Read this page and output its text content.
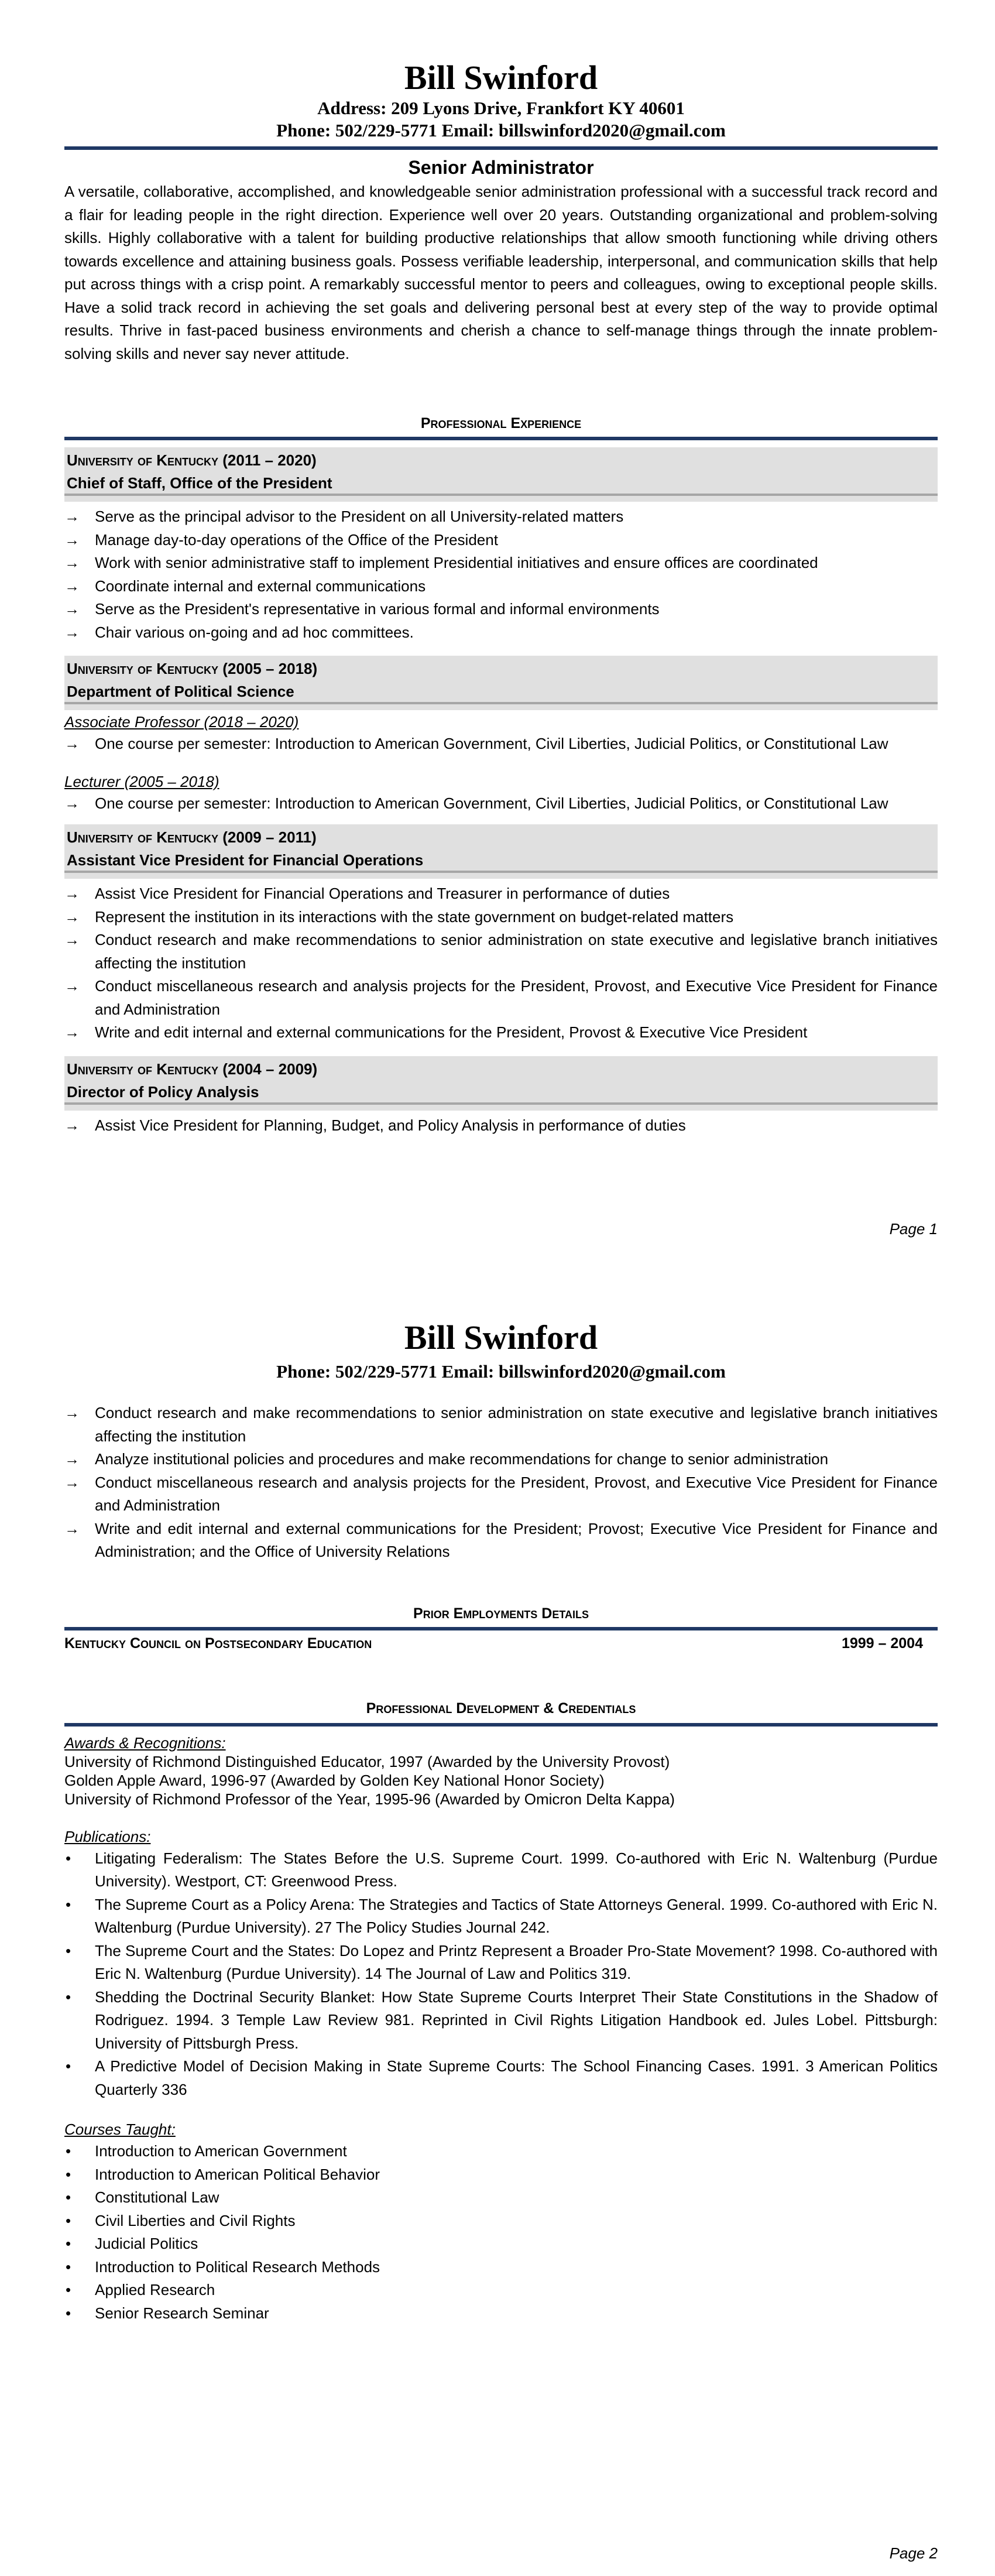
Bill Swinford
Address: 209 Lyons Drive, Frankfort KY 40601
Phone: 502/229-5771 Email: billswinford2020@gmail.com
Senior Administrator
A versatile, collaborative, accomplished, and knowledgeable senior administration professional with a successful track record and a flair for leading people in the right direction. Experience well over 20 years. Outstanding organizational and problem-solving skills. Highly collaborative with a talent for building productive relationships that allow smooth functioning while driving others towards excellence and attaining business goals. Possess verifiable leadership, interpersonal, and communication skills that help put across things with a crisp point. A remarkably successful mentor to peers and colleagues, owing to exceptional people skills. Have a solid track record in achieving the set goals and delivering personal best at every step of the way to provide optimal results. Thrive in fast-paced business environments and cherish a chance to self-manage things through the innate problem-solving skills and never say never attitude.
Professional Experience
University of Kentucky (2011 – 2020)
Chief of Staff, Office of the President
→ Serve as the principal advisor to the President on all University-related matters
→ Manage day-to-day operations of the Office of the President
→ Work with senior administrative staff to implement Presidential initiatives and ensure offices are coordinated
→ Coordinate internal and external communications
→ Serve as the President's representative in various formal and informal environments
→ Chair various on-going and ad hoc committees.
University of Kentucky (2005 – 2018)
Department of Political Science
Associate Professor (2018 – 2020)
→ One course per semester: Introduction to American Government, Civil Liberties, Judicial Politics, or Constitutional Law
Lecturer (2005 – 2018)
→ One course per semester: Introduction to American Government, Civil Liberties, Judicial Politics, or Constitutional Law
University of Kentucky (2009 – 2011)
Assistant Vice President for Financial Operations
→ Assist Vice President for Financial Operations and Treasurer in performance of duties
→ Represent the institution in its interactions with the state government on budget-related matters
→ Conduct research and make recommendations to senior administration on state executive and legislative branch initiatives affecting the institution
→ Conduct miscellaneous research and analysis projects for the President, Provost, and Executive Vice President for Finance and Administration
→ Write and edit internal and external communications for the President, Provost & Executive Vice President
University of Kentucky (2004 – 2009)
Director of Policy Analysis
→ Assist Vice President for Planning, Budget, and Policy Analysis in performance of duties
Page 1
Bill Swinford
Phone: 502/229-5771 Email: billswinford2020@gmail.com
→ Conduct research and make recommendations to senior administration on state executive and legislative branch initiatives affecting the institution
→ Analyze institutional policies and procedures and make recommendations for change to senior administration
→ Conduct miscellaneous research and analysis projects for the President, Provost, and Executive Vice President for Finance and Administration
→ Write and edit internal and external communications for the President; Provost; Executive Vice President for Finance and Administration; and the Office of University Relations
Prior Employments Details
Kentucky Council on Postsecondary Education	1999 – 2004
Professional Development & Credentials
Awards & Recognitions:
University of Richmond Distinguished Educator, 1997 (Awarded by the University Provost)
Golden Apple Award, 1996-97 (Awarded by Golden Key National Honor Society)
University of Richmond Professor of the Year, 1995-96 (Awarded by Omicron Delta Kappa)
Publications:
• Litigating Federalism: The States Before the U.S. Supreme Court. 1999. Co-authored with Eric N. Waltenburg (Purdue University). Westport, CT: Greenwood Press.
• The Supreme Court as a Policy Arena: The Strategies and Tactics of State Attorneys General. 1999. Co-authored with Eric N. Waltenburg (Purdue University). 27 The Policy Studies Journal 242.
• The Supreme Court and the States: Do Lopez and Printz Represent a Broader Pro-State Movement? 1998. Co-authored with Eric N. Waltenburg (Purdue University). 14 The Journal of Law and Politics 319.
• Shedding the Doctrinal Security Blanket: How State Supreme Courts Interpret Their State Constitutions in the Shadow of Rodriguez. 1994. 3 Temple Law Review 981. Reprinted in Civil Rights Litigation Handbook ed. Jules Lobel. Pittsburgh: University of Pittsburgh Press.
• A Predictive Model of Decision Making in State Supreme Courts: The School Financing Cases. 1991. 3 American Politics Quarterly 336
Courses Taught:
• Introduction to American Government
• Introduction to American Political Behavior
• Constitutional Law
• Civil Liberties and Civil Rights
• Judicial Politics
• Introduction to Political Research Methods
• Applied Research
• Senior Research Seminar
Page 2
